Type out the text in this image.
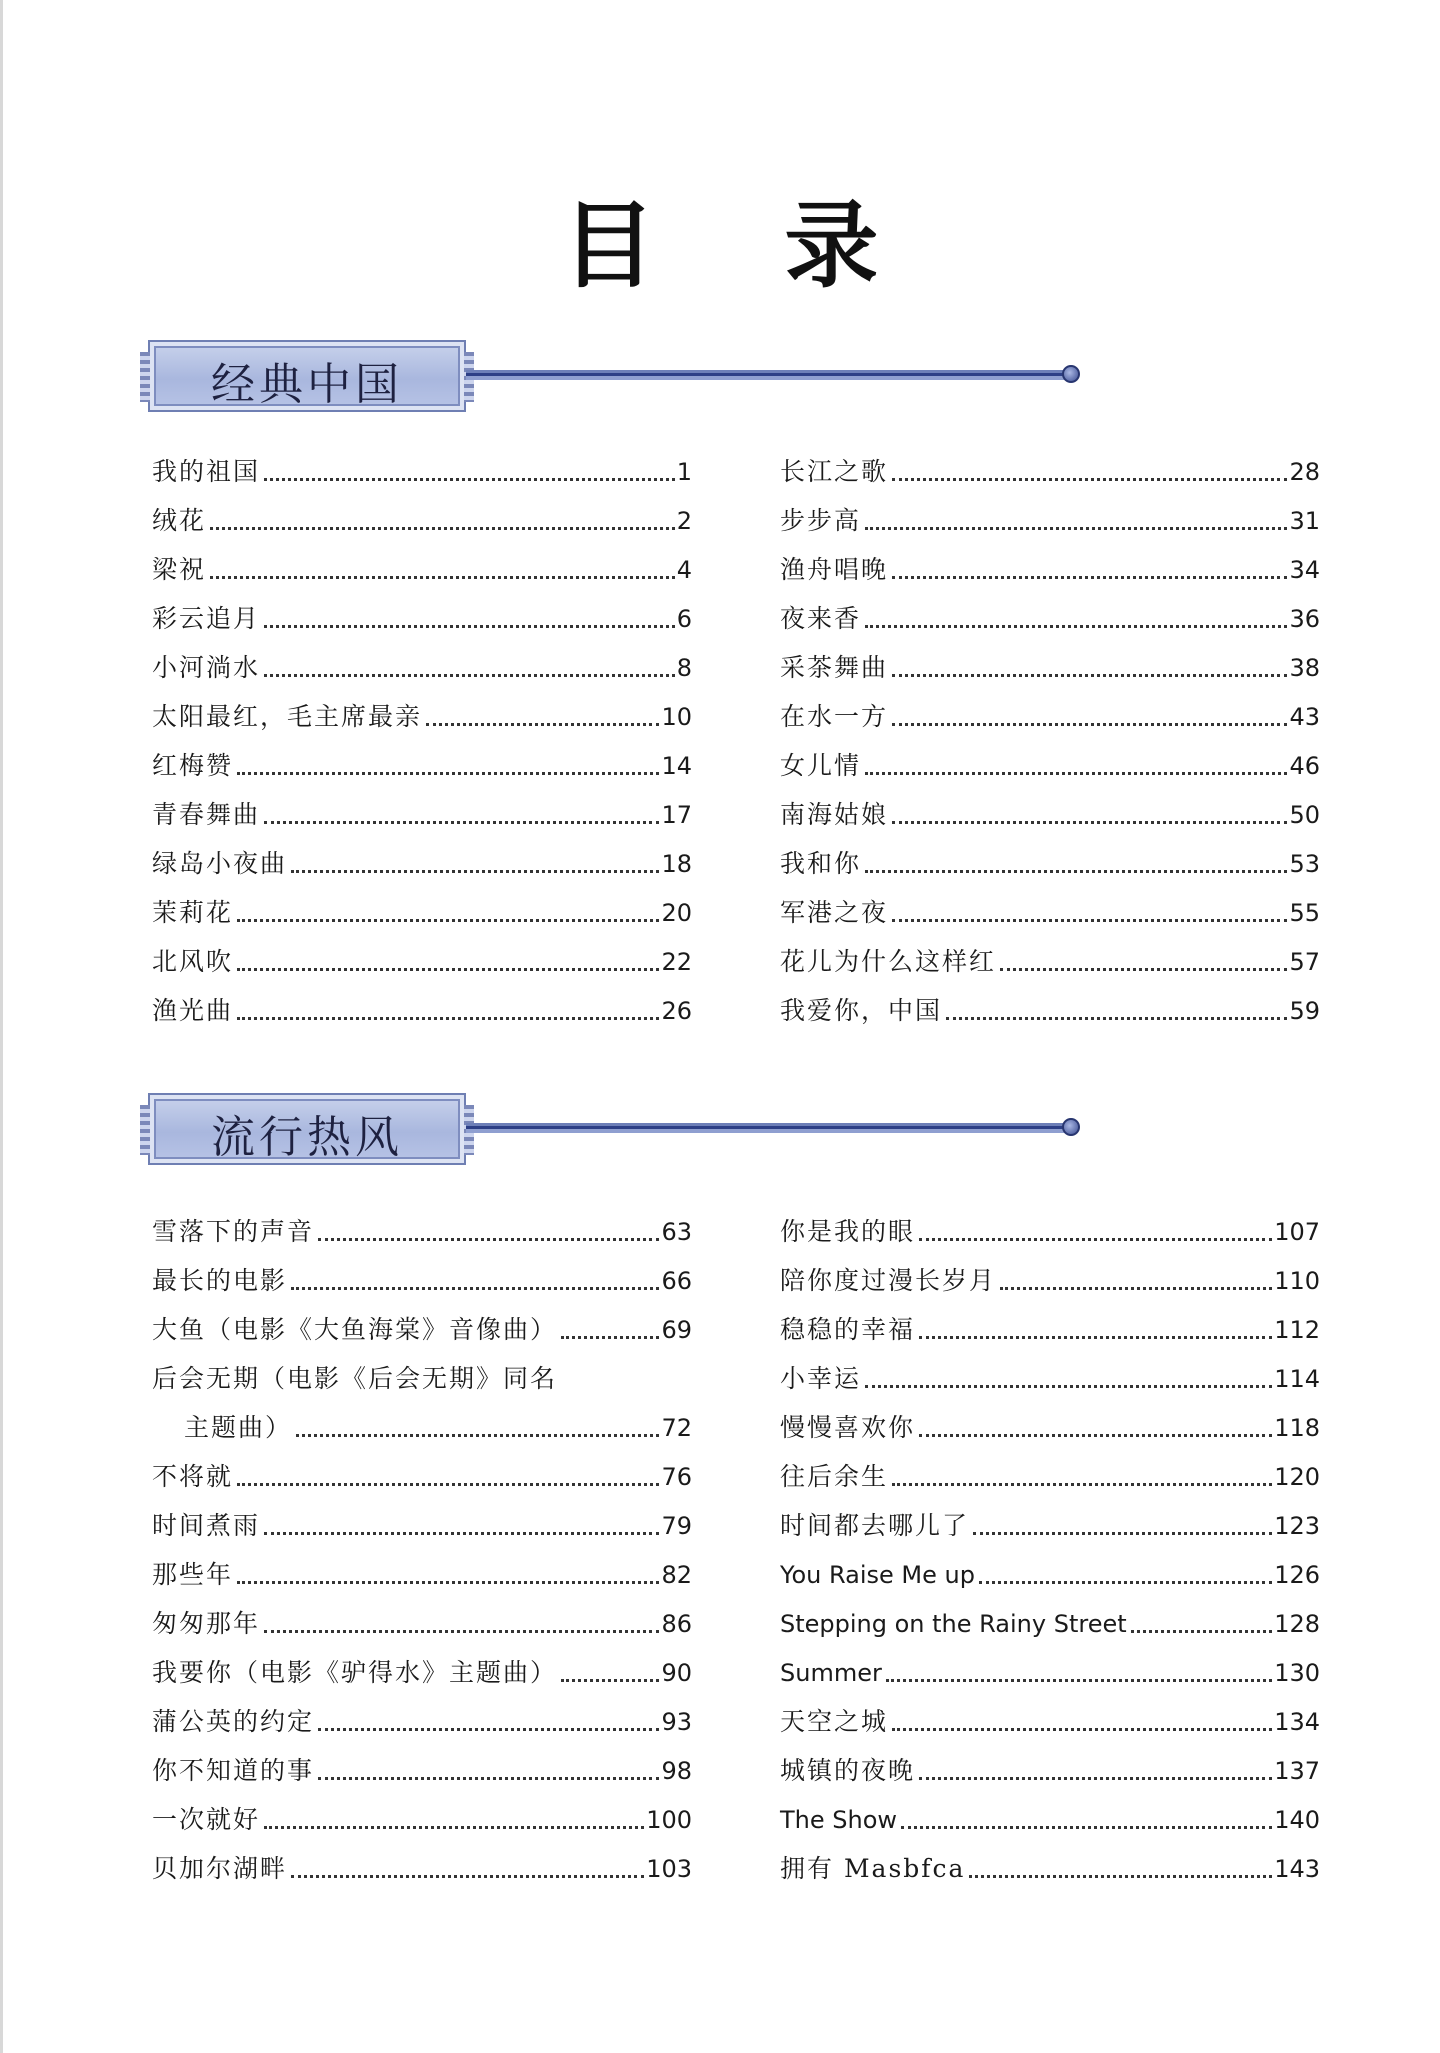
目 录
经典中国
我的祖国	1
绒花	2
梁祝	4
彩云追月	6
小河淌水	8
太阳最红，毛主席最亲	10
红梅赞	14
青春舞曲	17
绿岛小夜曲	18
茉莉花	20
北风吹	22
渔光曲	26
长江之歌	28
步步高	31
渔舟唱晚	34
夜来香	36
采茶舞曲	38
在水一方	43
女儿情	46
南海姑娘	50
我和你	53
军港之夜	55
花儿为什么这样红	57
我爱你，中国	59
流行热风
雪落下的声音	63
最长的电影	66
大鱼（电影《大鱼海棠》音像曲）	69
后会无期（电影《后会无期》同名
主题曲）	72
不将就	76
时间煮雨	79
那些年	82
匆匆那年	86
我要你（电影《驴得水》主题曲）	90
蒲公英的约定	93
你不知道的事	98
一次就好	100
贝加尔湖畔	103
你是我的眼	107
陪你度过漫长岁月	110
稳稳的幸福	112
小幸运	114
慢慢喜欢你	118
往后余生	120
时间都去哪儿了	123
You Raise Me up	126
Stepping on the Rainy Street	128
Summer	130
天空之城	134
城镇的夜晚	137
The Show	140
拥有 Masbfca	143
